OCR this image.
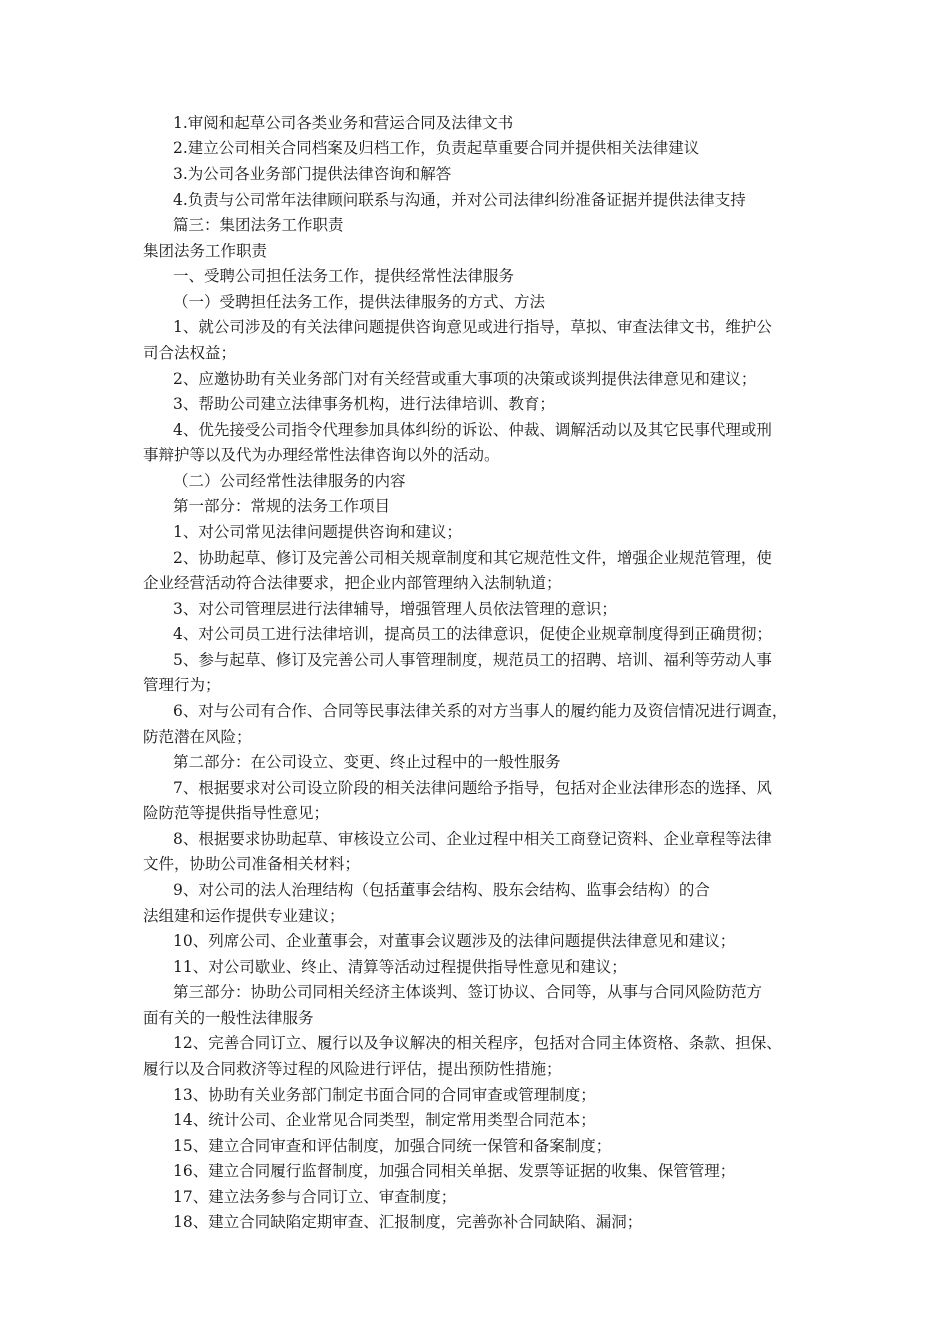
1.审阅和起草公司各类业务和营运合同及法律文书
2.建立公司相关合同档案及归档工作，负责起草重要合同并提供相关法律建议
3.为公司各业务部门提供法律咨询和解答
4.负责与公司常年法律顾问联系与沟通，并对公司法律纠纷准备证据并提供法律支持
篇三：集团法务工作职责
集团法务工作职责
一、受聘公司担任法务工作，提供经常性法律服务
（一）受聘担任法务工作，提供法律服务的方式、方法
1、就公司涉及的有关法律问题提供咨询意见或进行指导，草拟、审查法律文书，维护公
司合法权益；
2、应邀协助有关业务部门对有关经营或重大事项的决策或谈判提供法律意见和建议；
3、帮助公司建立法律事务机构，进行法律培训、教育；
4、优先接受公司指令代理参加具体纠纷的诉讼、仲裁、调解活动以及其它民事代理或刑
事辩护等以及代为办理经常性法律咨询以外的活动。
（二）公司经常性法律服务的内容
第一部分：常规的法务工作项目
1、对公司常见法律问题提供咨询和建议；
2、协助起草、修订及完善公司相关规章制度和其它规范性文件，增强企业规范管理，使
企业经营活动符合法律要求，把企业内部管理纳入法制轨道；
3、对公司管理层进行法律辅导，增强管理人员依法管理的意识；
4、对公司员工进行法律培训，提高员工的法律意识，促使企业规章制度得到正确贯彻；
5、参与起草、修订及完善公司人事管理制度，规范员工的招聘、培训、福利等劳动人事
管理行为；
6、对与公司有合作、合同等民事法律关系的对方当事人的履约能力及资信情况进行调查，
防范潜在风险；
第二部分：在公司设立、变更、终止过程中的一般性服务
7、根据要求对公司设立阶段的相关法律问题给予指导，包括对企业法律形态的选择、风
险防范等提供指导性意见；
8、根据要求协助起草、审核设立公司、企业过程中相关工商登记资料、企业章程等法律
文件，协助公司准备相关材料；
9、对公司的法人治理结构（包括董事会结构、股东会结构、监事会结构）的合
法组建和运作提供专业建议；
10、列席公司、企业董事会，对董事会议题涉及的法律问题提供法律意见和建议；
11、对公司歇业、终止、清算等活动过程提供指导性意见和建议；
第三部分：协助公司同相关经济主体谈判、签订协议、合同等，从事与合同风险防范方
面有关的一般性法律服务
12、完善合同订立、履行以及争议解决的相关程序，包括对合同主体资格、条款、担保、
履行以及合同救济等过程的风险进行评估，提出预防性措施；
13、协助有关业务部门制定书面合同的合同审查或管理制度；
14、统计公司、企业常见合同类型，制定常用类型合同范本；
15、建立合同审查和评估制度，加强合同统一保管和备案制度；
16、建立合同履行监督制度，加强合同相关单据、发票等证据的收集、保管管理；
17、建立法务参与合同订立、审查制度；
18、建立合同缺陷定期审查、汇报制度，完善弥补合同缺陷、漏洞；
